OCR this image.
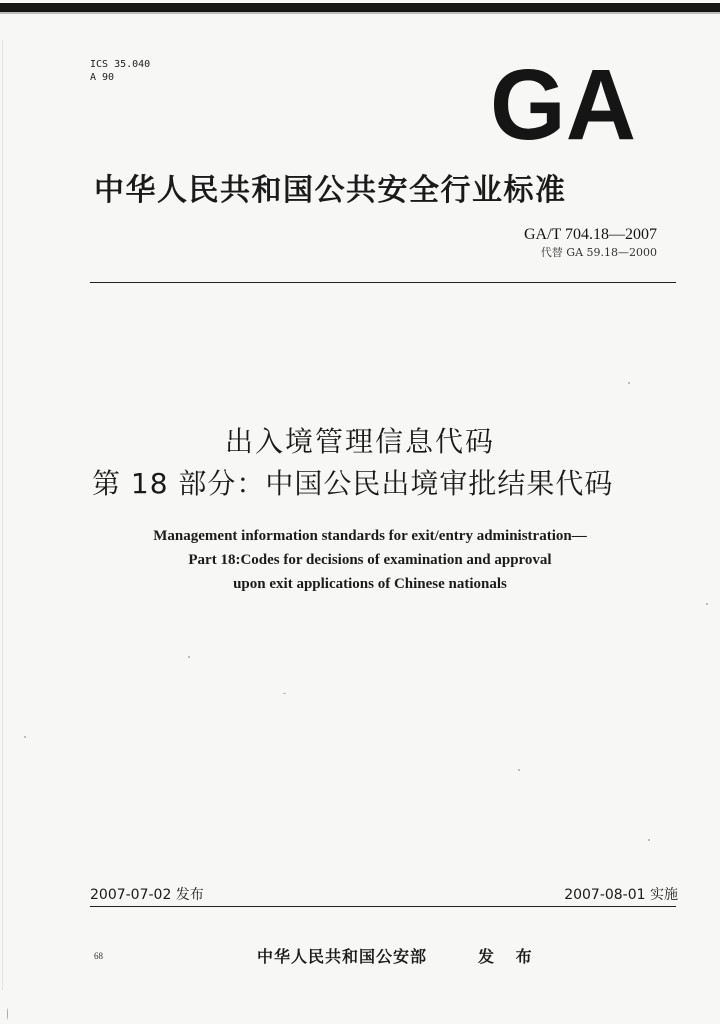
ICS 35.040
A 90	GA
中华人民共和国公共安全行业标准
GA/T 704.18—2007
代替 GA 59.18—2000
出入境管理信息代码
第 18 部分：中国公民出境审批结果代码
Management information standards for exit/entry administration—
Part 18:Codes for decisions of examination and approval
upon exit applications of Chinese nationals
2007-07-02 发布	2007-08-01 实施
68	中华人民共和国公安部	发 布
